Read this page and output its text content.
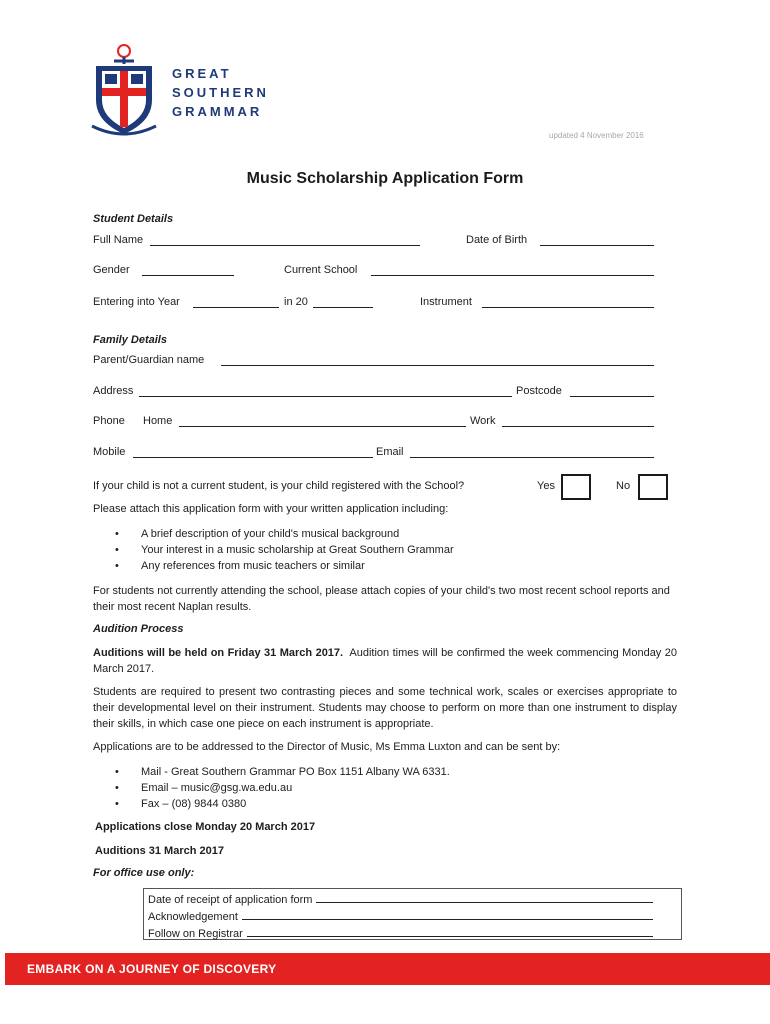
GREAT
SOUTHERN
GRAMMAR
updated 4 November 2016
Music Scholarship Application Form
Student Details
Full Name	Date of Birth
Gender	Current School
Entering into Year	in 20	Instrument
Family Details
Parent/Guardian name
Address	Postcode
Phone Home	Work
Mobile	Email
If your child is not a current student, is your child registered with the School?	Yes	No
Please attach this application form with your written application including:
• A brief description of your child's musical background
• Your interest in a music scholarship at Great Southern Grammar
• Any references from music teachers or similar
For students not currently attending the school, please attach copies of your child's two most recent school reports and their most recent Naplan results.
Audition Process
Auditions will be held on Friday 31 March 2017. Audition times will be confirmed the week commencing Monday 20 March 2017.
Students are required to present two contrasting pieces and some technical work, scales or exercises appropriate to their developmental level on their instrument. Students may choose to perform on more than one instrument to display their skills, in which case one piece on each instrument is appropriate.
Applications are to be addressed to the Director of Music, Ms Emma Luxton and can be sent by:
• Mail - Great Southern Grammar PO Box 1151 Albany WA 6331.
• Email – music@gsg.wa.edu.au
• Fax – (08) 9844 0380
Applications close Monday 20 March 2017
Auditions 31 March 2017
For office use only:
Date of receipt of application form
Acknowledgement
Follow on Registrar
EMBARK ON A JOURNEY OF DISCOVERY
